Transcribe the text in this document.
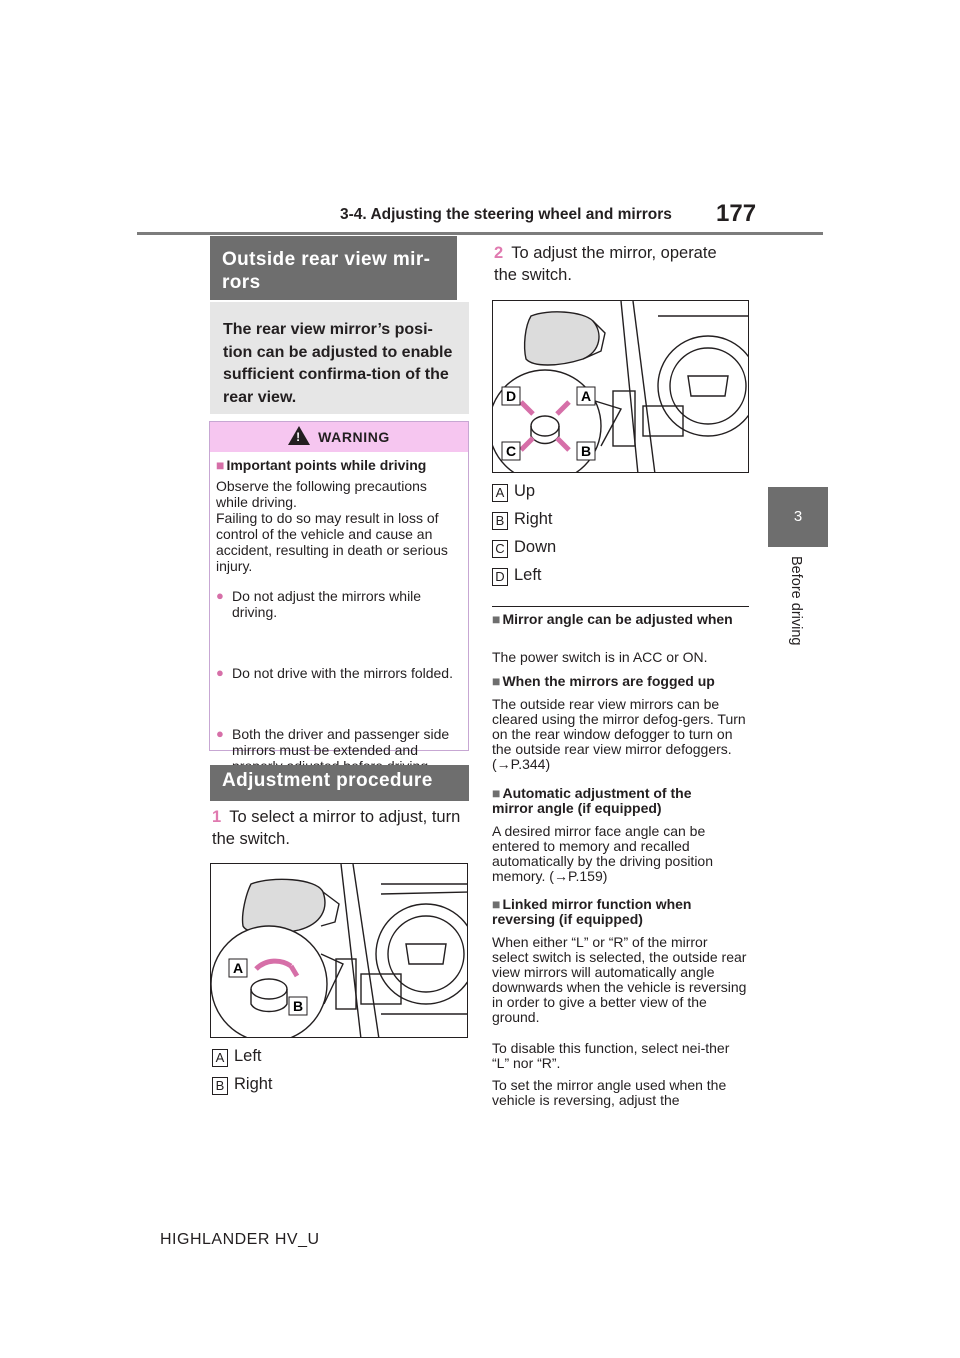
3-4. Adjusting the steering wheel and mirrors 177
3
Before driving
Outside rear view mir-rors
The rear view mirror’s posi-tion can be adjusted to enable sufficient confirma-tion of the rear view.
!WARNING
■ Important points while driving
Observe the following precautions while driving.
Failing to do so may result in loss of control of the vehicle and cause an accident, resulting in death or serious injury.
● Do not adjust the mirrors while driving.
● Do not drive with the mirrors folded.
● Both the driver and passenger side mirrors must be extended and
Adjustment procedure
1 To select a mirror to adjust, turn the switch.
A
B
A Left
B Right
2 To adjust the mirror, operate the switch.
D	A
C	B
A Up
B Right
C Down
D Left
■ Mirror angle can be adjusted when
The power switch is in ACC or ON.
■ When the mirrors are fogged up
The outside rear view mirrors can be cleared using the mirror defog-gers. Turn on the rear window defogger to turn on the outside rear view mirror defoggers. (→P.344)
■ Automatic adjustment of the mirror angle (if equipped)
A desired mirror face angle can be entered to memory and recalled automatically by the driving position memory. (→P.159)
■ Linked mirror function when reversing (if equipped)
When either “L” or “R” of the mirror select switch is selected, the outside rear view mirrors will automatically angle downwards when the vehicle is reversing in order to give a better view of the ground.
To disable this function, select nei-ther “L” nor “R”.
To set the mirror angle used when the vehicle is reversing, adjust the
HIGHLANDER HV_U
